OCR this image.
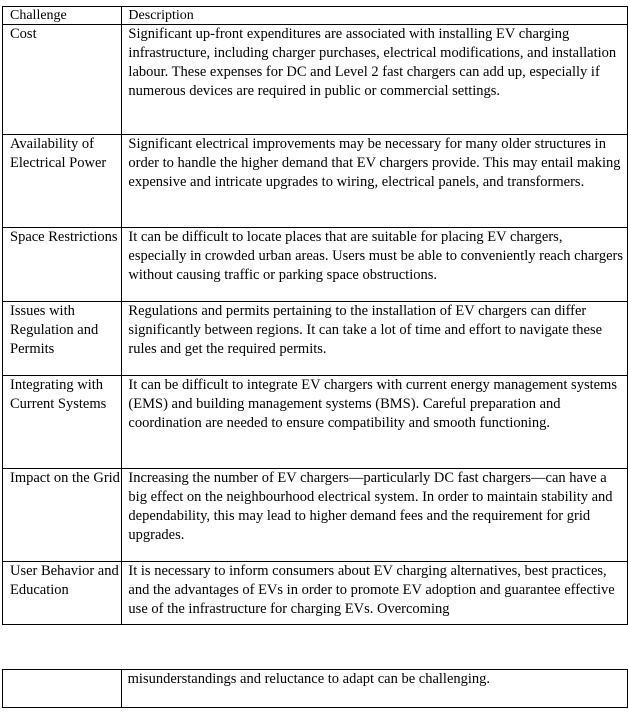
Challenge	Description
Cost	Significant up-front expenditures are associated with installing EV charging infrastructure, including charger purchases, electrical modifications, and installation labour. These expenses for DC and Level 2 fast chargers can add up, especially if numerous devices are required in public or commercial settings.
Availability of Electrical Power	Significant electrical improvements may be necessary for many older structures in order to handle the higher demand that EV chargers provide. This may entail making expensive and intricate upgrades to wiring, electrical panels, and transformers.
Space Restrictions	It can be difficult to locate places that are suitable for placing EV chargers, especially in crowded urban areas. Users must be able to conveniently reach chargers without causing traffic or parking space obstructions.
Issues with Regulation and Permits	Regulations and permits pertaining to the installation of EV chargers can differ significantly between regions. It can take a lot of time and effort to navigate these rules and get the required permits.
Integrating with Current Systems	It can be difficult to integrate EV chargers with current energy management systems (EMS) and building management systems (BMS). Careful preparation and coordination are needed to ensure compatibility and smooth functioning.
Impact on the Grid	Increasing the number of EV chargers—particularly DC fast chargers—can have a big effect on the neighbourhood electrical system. In order to maintain stability and dependability, this may lead to higher demand fees and the requirement for grid upgrades.
User Behavior and Education	It is necessary to inform consumers about EV charging alternatives, best practices, and the advantages of EVs in order to promote EV adoption and guarantee effective use of the infrastructure for charging EVs. Overcoming
	misunderstandings and reluctance to adapt can be challenging.
